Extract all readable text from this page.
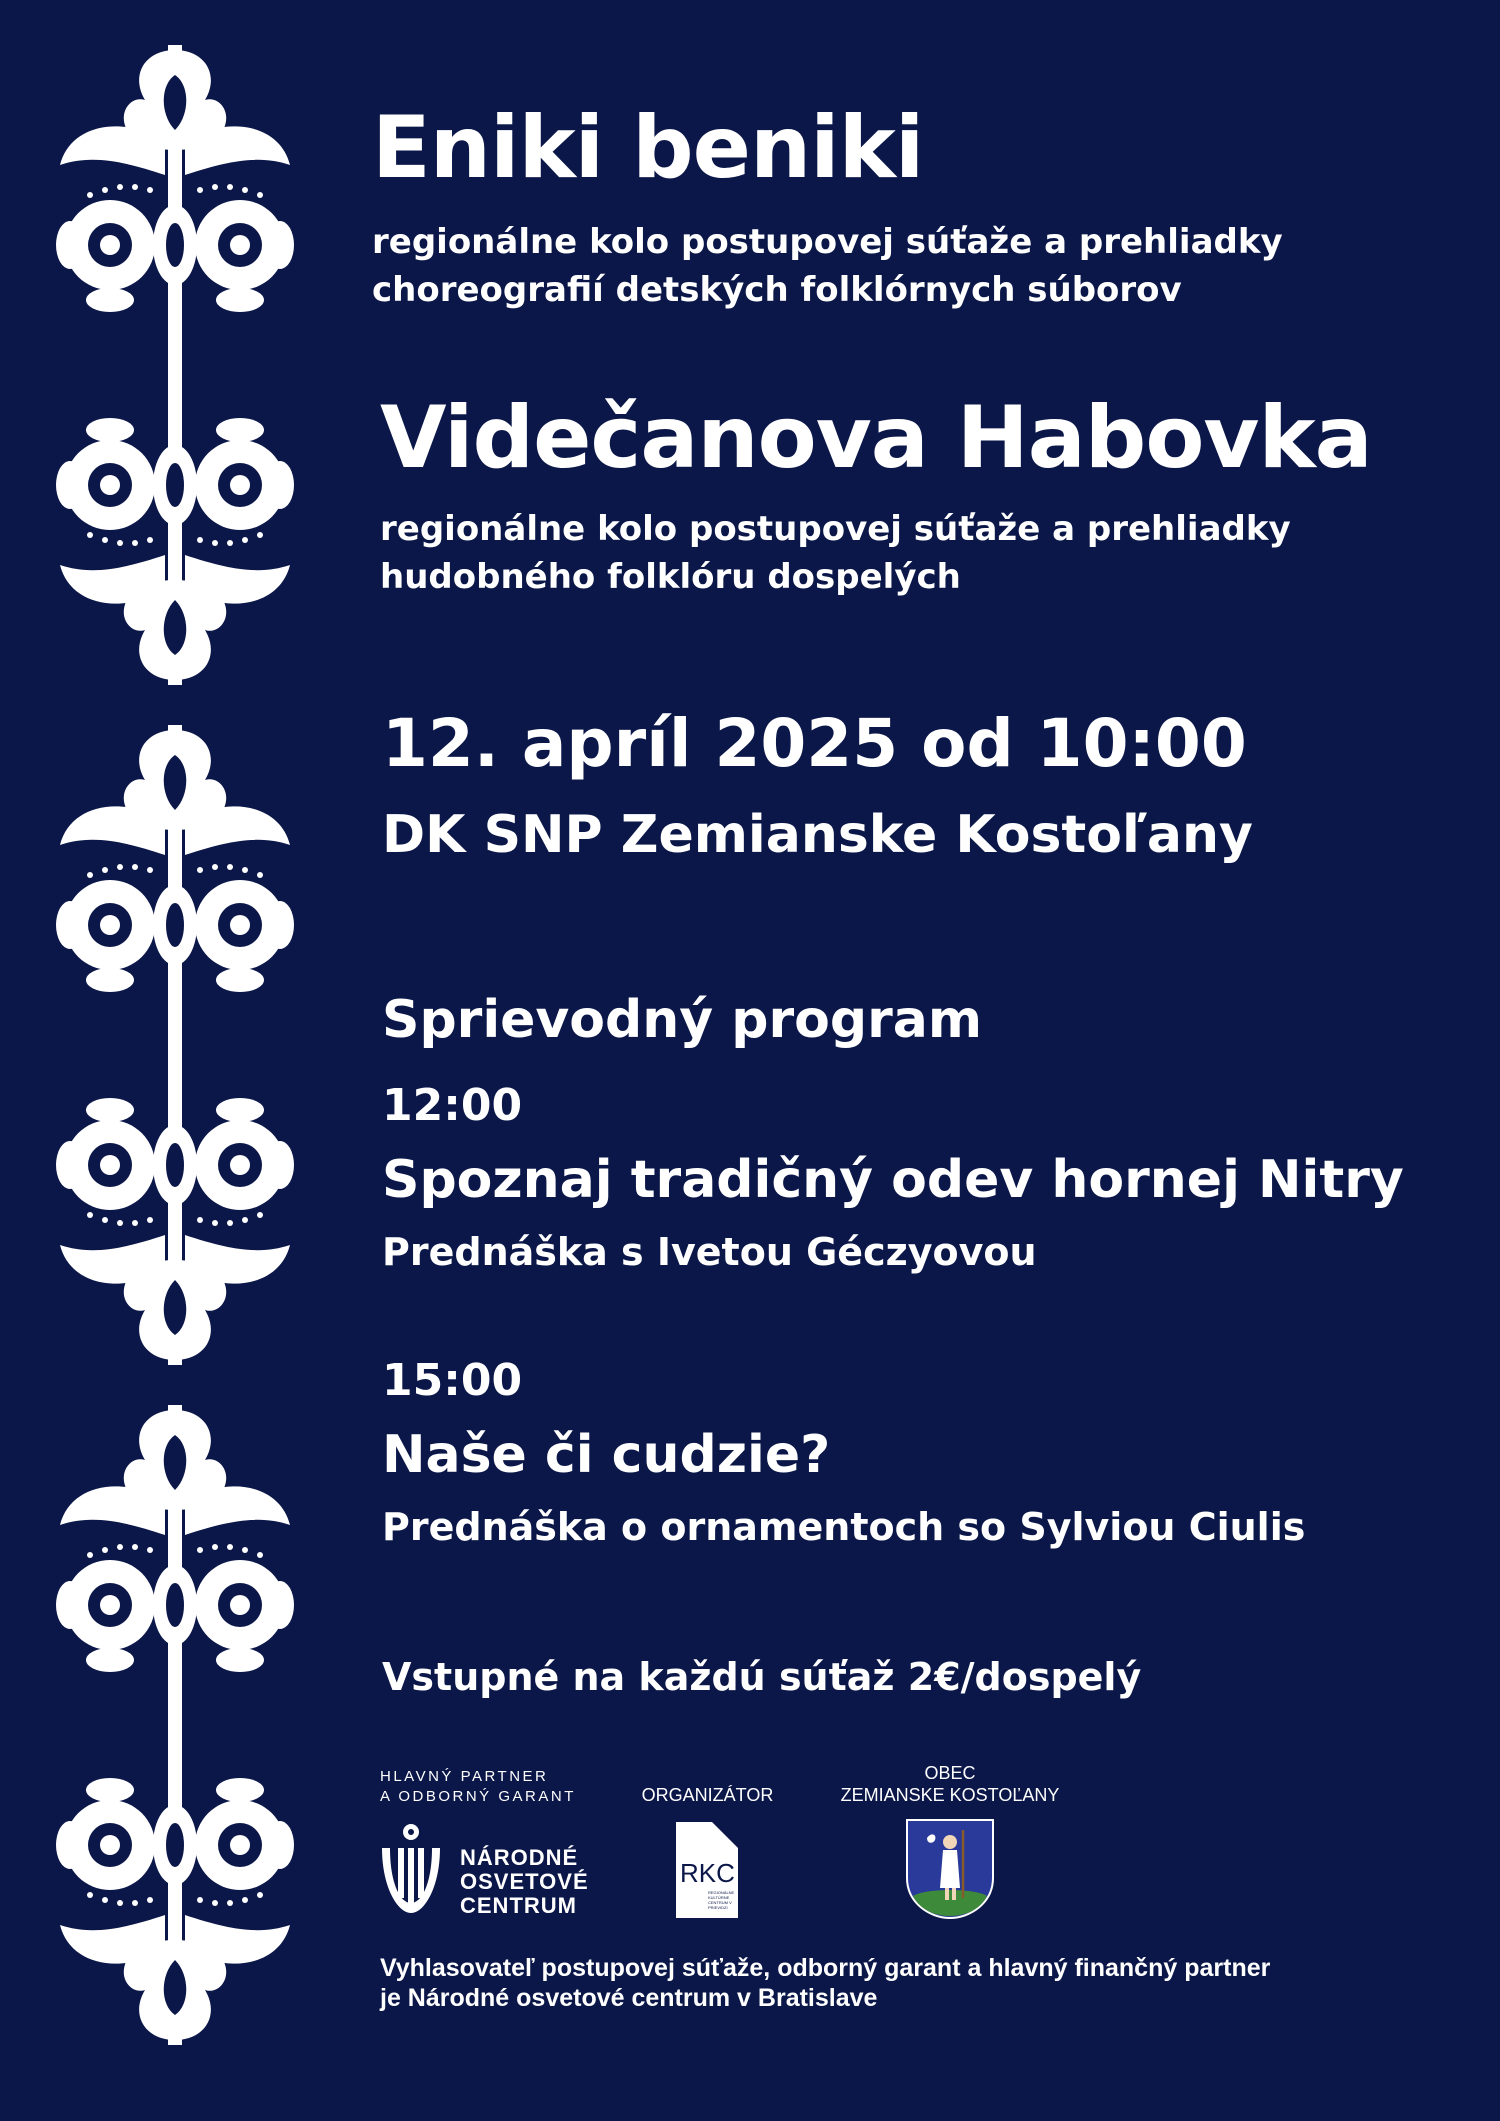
Eniki beniki
regionálne kolo postupovej súťaže a prehliadky
choreografií detských folklórnych súborov
Videčanova Habovka
regionálne kolo postupovej súťaže a prehliadky
hudobného folklóru dospelých
12. apríl 2025 od 10:00
DK SNP Zemianske Kostoľany
Sprievodný program
12:00
Spoznaj tradičný odev hornej Nitry
Prednáška s Ivetou Géczyovou
15:00
Naše či cudzie?
Prednáška o ornamentoch so Sylviou Ciulis
Vstupné na každú súťaž 2€/dospelý
HLAVNÝ PARTNER
A ODBORNÝ GARANT
NÁRODNÉ
OSVETOVÉ
CENTRUM
ORGANIZÁTOR
RKC
REGIONÁLNE KULTÚRNE CENTRUM V PRIEVIDZI
OBEC
ZEMIANSKE KOSTOĽANY
Vyhlasovateľ postupovej súťaže, odborný garant a hlavný finančný partner
je Národné osvetové centrum v Bratislave
